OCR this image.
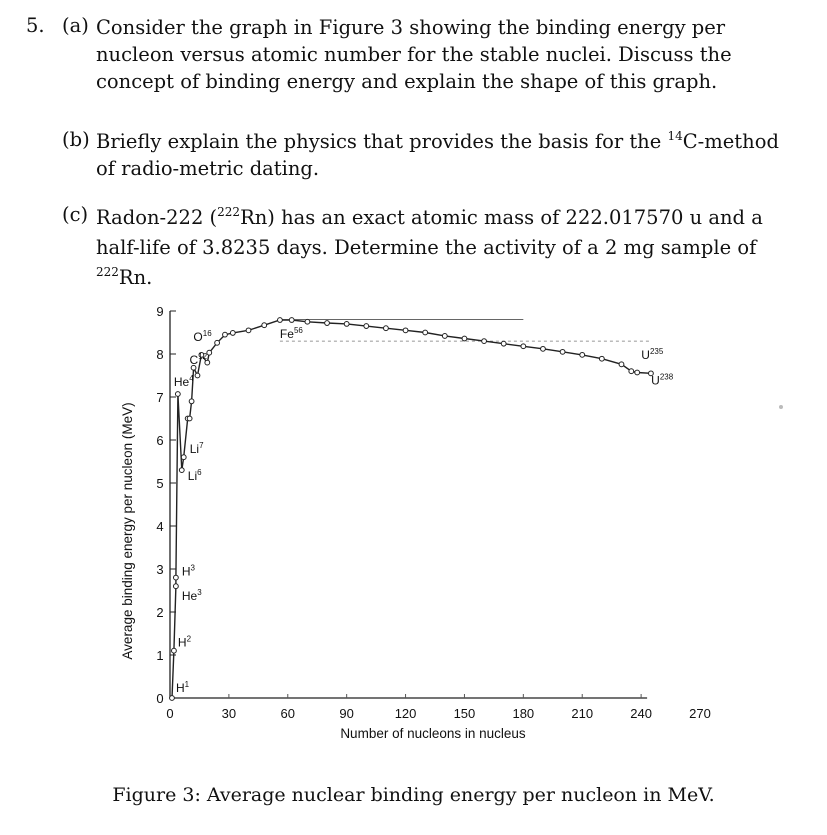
5. (a) Consider the graph in Figure 3 showing the binding energy per nucleon versus atomic number for the stable nuclei. Discuss the concept of binding energy and explain the shape of this graph.
(b) Briefly explain the physics that provides the basis for the $^{14}$C-method of radio-metric dating.
(c) Radon-222 ($^{222}$Rn) has an exact atomic mass of 222.017570 u and a half-life of 3.8235 days. Determine the activity of a 2 mg sample of $^{222}$Rn.
0
1
2
3
4
5
6
7
8
9
0	30	60	90	120	150	180	210	240	270
$H^1$
$H^2$
$H^3$
He$^3$
He$^4$
Li$^7$
Li$^6$
$C^{12}$
$O^{16}$	Fe$^{56}$
$U^{235}$
$U^{238}$
Number of nucleons in nucleus
Average binding energy per nucleon (MeV)
Figure 3: Average nuclear binding energy per nucleon in MeV.
